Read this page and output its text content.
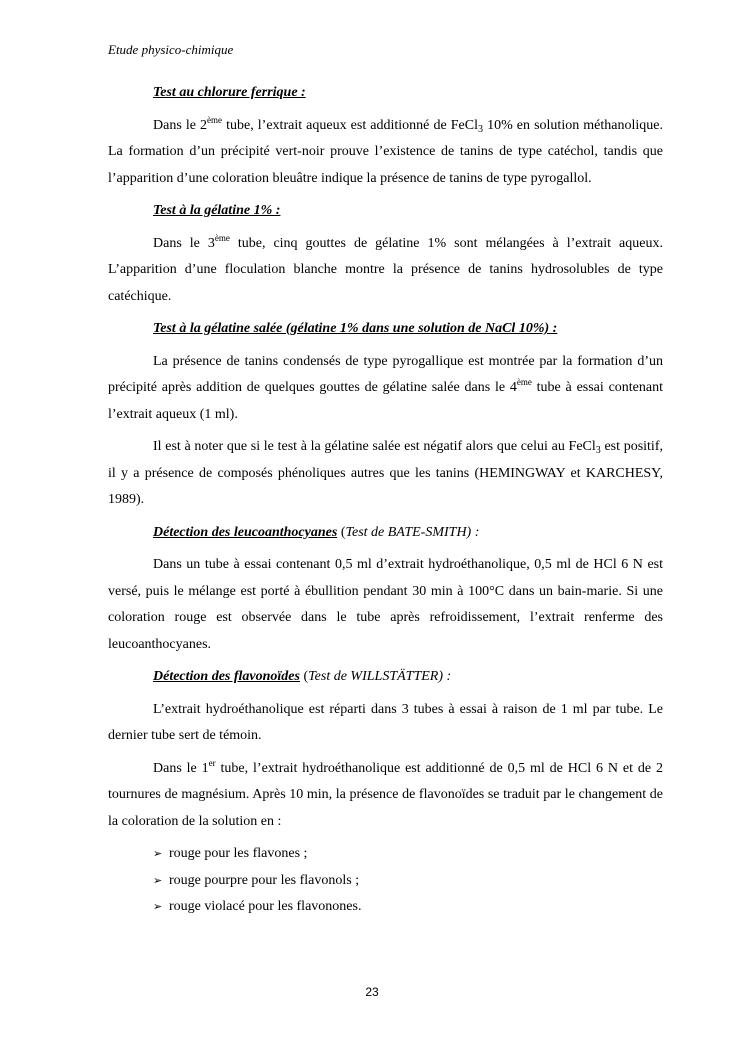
Etude physico-chimique

Test au chlorure ferrique :

Dans le 2ème tube, l’extrait aqueux est additionné de FeCl$_3$ 10% en solution méthanolique. La formation d’un précipité vert-noir prouve l’existence de tanins de type catéchol, tandis que l’apparition d’une coloration bleuâtre indique la présence de tanins de type pyrogallol.

Test à la gélatine 1% :

Dans le 3ème tube, cinq gouttes de gélatine 1% sont mélangées à l’extrait aqueux. L’apparition d’une floculation blanche montre la présence de tanins hydrosolubles de type catéchique.

Test à la gélatine salée (gélatine 1% dans une solution de NaCl 10%) :

La présence de tanins condensés de type pyrogallique est montrée par la formation d’un précipité après addition de quelques gouttes de gélatine salée dans le 4ème tube à essai contenant l’extrait aqueux (1 ml).

Il est à noter que si le test à la gélatine salée est négatif alors que celui au FeCl$_3$ est positif, il y a présence de composés phénoliques autres que les tanins (HEMINGWAY et KARCHESY, 1989).

Détection des leucoanthocyanes (Test de BATE-SMITH) :

Dans un tube à essai contenant 0,5 ml d’extrait hydroéthanolique, 0,5 ml de HCl 6 N est versé, puis le mélange est porté à ébullition pendant 30 min à 100°C dans un bain-marie. Si une coloration rouge est observée dans le tube après refroidissement, l’extrait renferme des leucoanthocyanes.

Détection des flavonoïdes (Test de WILLSTÄTTER) :

L’extrait hydroéthanolique est réparti dans 3 tubes à essai à raison de 1 ml par tube. Le dernier tube sert de témoin.

Dans le 1er tube, l’extrait hydroéthanolique est additionné de 0,5 ml de HCl 6 N et de 2 tournures de magnésium. Après 10 min, la présence de flavonoïdes se traduit par le changement de la coloration de la solution en :

➢ rouge pour les flavones ;
➢ rouge pourpre pour les flavonols ;
➢ rouge violacé pour les flavonones.
23
